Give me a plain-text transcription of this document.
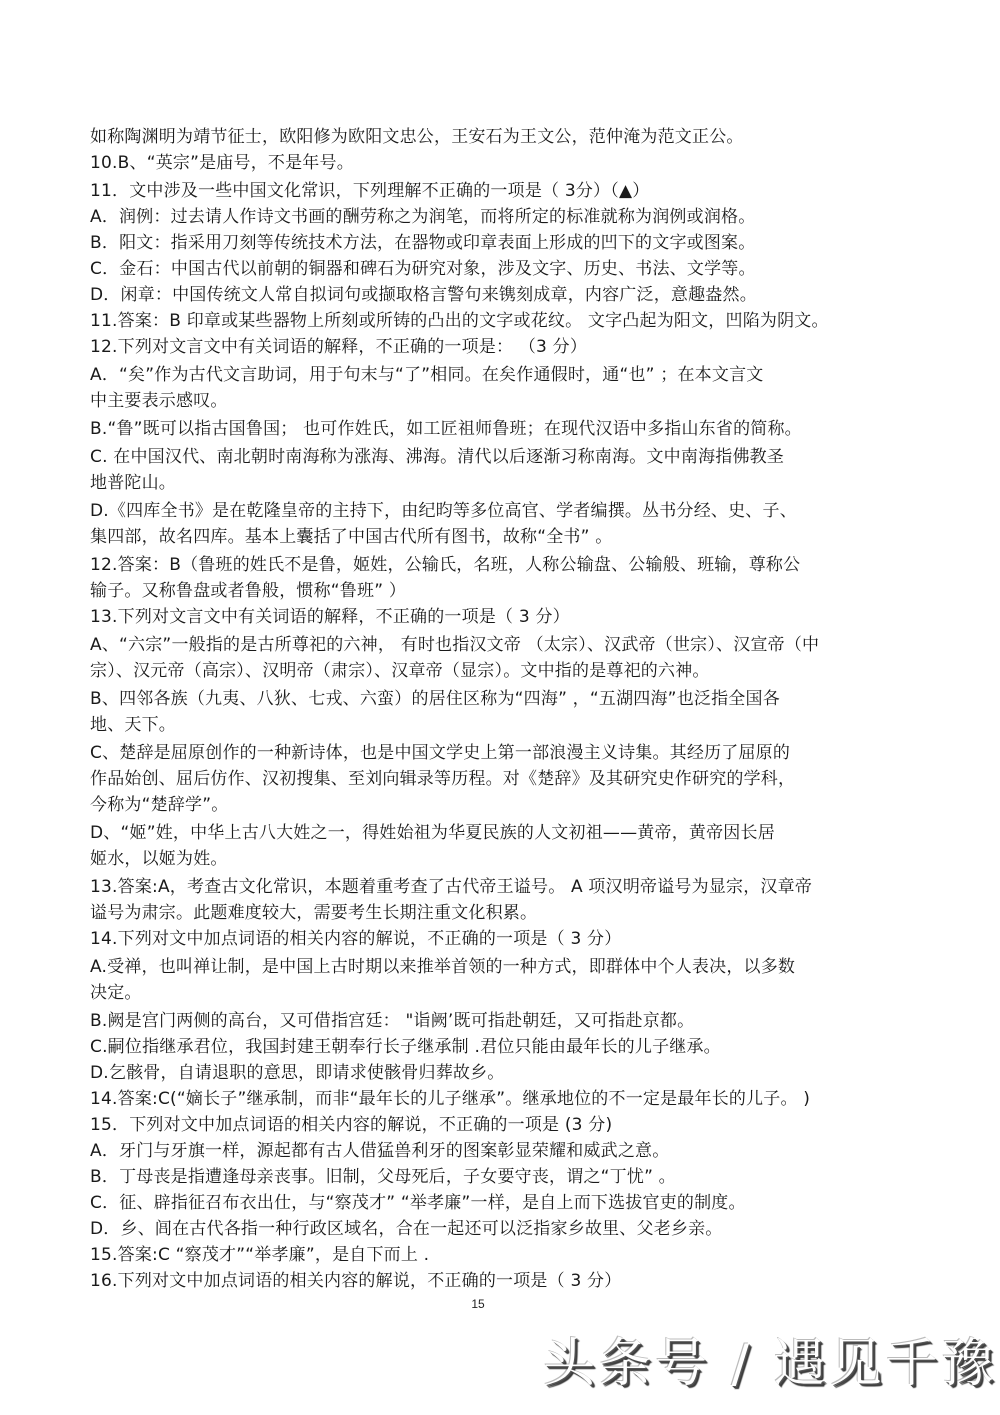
如称陶渊明为靖节征士，欧阳修为欧阳文忠公，王安石为王文公，范仲淹为范文正公。
10.B、“英宗”是庙号，不是年号。
11．文中涉及一些中国文化常识，下列理解不正确的一项是（ 3分）（▲）
A．润例：过去请人作诗文书画的酬劳称之为润笔，而将所定的标准就称为润例或润格。
B．阳文：指采用刀刻等传统技术方法，在器物或印章表面上形成的凹下的文字或图案。
C．金石：中国古代以前朝的铜器和碑石为研究对象，涉及文字、历史、书法、文学等。
D．闲章：中国传统文人常自拟词句或撷取格言警句来镌刻成章，内容广泛，意趣盎然。
11.答案：B 印章或某些器物上所刻或所铸的凸出的文字或花纹。 文字凸起为阳文，凹陷为阴文。
12.下列对文言文中有关词语的解释，不正确的一项是： （3 分）
A．“矣”作为古代文言助词，用于句末与“了”相同。在矣作通假时，通“也” ；在本文言文
中主要表示感叹。
B.“鲁”既可以指古国鲁国； 也可作姓氏，如工匠祖师鲁班；在现代汉语中多指山东省的简称。
C. 在中国汉代、南北朝时南海称为涨海、沸海。清代以后逐渐习称南海。文中南海指佛教圣
地普陀山。
D.《四库全书》是在乾隆皇帝的主持下，由纪昀等多位高官、学者编撰。丛书分经、史、子、
集四部，故名四库。基本上囊括了中国古代所有图书，故称“全书” 。
12.答案：B（鲁班的姓氏不是鲁，姬姓，公输氏，名班，人称公输盘、公输般、班输，尊称公
输子。又称鲁盘或者鲁般，惯称“鲁班” ）
13.下列对文言文中有关词语的解释，不正确的一项是（ 3 分）
A、“六宗”一般指的是古所尊祀的六神， 有时也指汉文帝 （太宗）、汉武帝（世宗）、汉宣帝（中
宗）、汉元帝（高宗）、汉明帝（肃宗）、汉章帝（显宗）。文中指的是尊祀的六神。
B、四邻各族（九夷、八狄、七戎、六蛮）的居住区称为“四海” ，“五湖四海”也泛指全国各
地、天下。
C、楚辞是屈原创作的一种新诗体，也是中国文学史上第一部浪漫主义诗集。其经历了屈原的
作品始创、屈后仿作、汉初搜集、至刘向辑录等历程。对《楚辞》及其研究史作研究的学科，
今称为“楚辞学”。
D、“姬”姓，中华上古八大姓之一，得姓始祖为华夏民族的人文初祖——黄帝，黄帝因长居
姬水，以姬为姓。
13.答案:A，考查古文化常识，本题着重考查了古代帝王谥号。 A 项汉明帝谥号为显宗，汉章帝
谥号为肃宗。此题难度较大，需要考生长期注重文化积累。
14.下列对文中加点词语的相关内容的解说，不正确的一项是（ 3 分）
A.受禅，也叫禅让制，是中国上古时期以来推举首领的一种方式，即群体中个人表决，以多数
决定。
B.阙是宫门两侧的高台，又可借指宫廷： "诣阙’既可指赴朝廷，又可指赴京都。
C.嗣位指继承君位，我国封建王朝奉行长子继承制 .君位只能由最年长的儿子继承。
D.乞骸骨，自请退职的意思，即请求使骸骨归葬故乡。
14.答案:C(“嫡长子”继承制，而非“最年长的儿子继承”。继承地位的不一定是最年长的儿子。 )
15．下列对文中加点词语的相关内容的解说，不正确的一项是 (3 分)
A．牙门与牙旗一样，源起都有古人借猛兽利牙的图案彰显荣耀和威武之意。
B．丁母丧是指遭逢母亲丧事。旧制，父母死后，子女要守丧，谓之“丁忧” 。
C．征、辟指征召布衣出仕，与“察茂才” “举孝廉”一样，是自上而下选拔官吏的制度。
D．乡、闾在古代各指一种行政区域名，合在一起还可以泛指家乡故里、父老乡亲。
15.答案:C “察茂才”“举孝廉”，是自下而上 .
16.下列对文中加点词语的相关内容的解说，不正确的一项是（ 3 分）
15
头条号 / 遇见千豫
